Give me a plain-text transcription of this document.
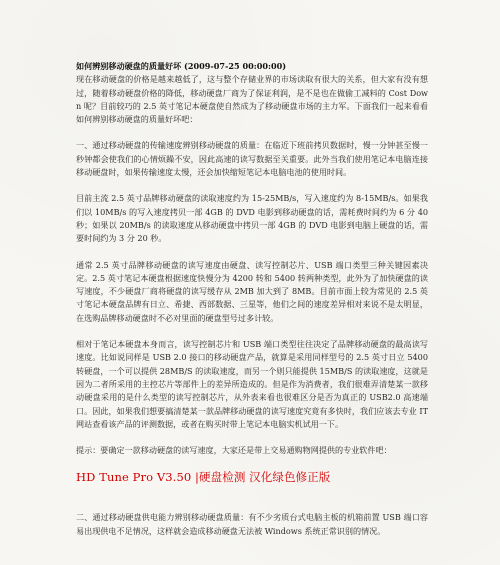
如何辨别移动硬盘的质量好坏 (2009-07-25 00:00:00)

现在移动硬盘的价格是越来越低了，这与整个存储业界的市场读取有很大的关系，但大家有没有想过，随着移动硬盘价格的降低，移动硬盘厂商为了保证利润，是不是也在做偷工减料的 Cost Down 呢？目前较巧的 2.5 英寸笔记本硬盘使自然成为了移动硬盘市场的主力军。下面我们一起来看看如何辨别移动硬盘的质量好坏吧：

一、通过移动硬盘的传输速度辨别移动硬盘的质量：在临近下班前拷贝数据时，慢一分钟甚至慢一秒钟都会使我们的心情烦躁不安，因此高速的读写数据至关重要。此外当我们使用笔记本电脑连接移动硬盘时，如果传输速度太慢，还会加快缩短笔记本电脑电池的使用时间。

目前主流 2.5 英寸品牌移动硬盘的读取速度约为 15-25MB/s，写入速度约为 8-15MB/s。如果我们以 10MB/s 的写入速度拷贝一部 4GB 的 DVD 电影到移动硬盘的话，需耗费时间约为 6 分 40 秒；如果以 20MB/s 的读取速度从移动硬盘中拷贝一部 4GB 的 DVD 电影到电脑上硬盘的话，需要时间约为 3 分 20 秒。

通常 2.5 英寸品牌移动硬盘的读写速度由硬盘、读写控制芯片、USB 端口类型三种关键因素决定。2.5 英寸笔记本硬盘根据速度快慢分为 4200 转和 5400 转两种类型，此外为了加快硬盘的读写速度，不少硬盘厂商将硬盘的读写缓存从 2MB 加大到了 8MB。目前市面上较为常见的 2.5 英寸笔记本硬盘品牌有日立、希捷、西部数据、三星等，他们之间的速度差异相对来说不是太明显，在选购品牌移动硬盘时不必对里面的硬盘型号过多计较。

相对于笔记本硬盘本身而言，读写控制芯片和 USB 端口类型往往决定了品牌移动硬盘的最高读写速度。比如说同样是 USB 2.0 接口的移动硬盘产品，就算是采用同样型号的 2.5 英寸日立 5400 转硬盘，一个可以提供 28MB/S 的读取速度，而另一个则只能提供 15MB/S 的读取速度，这就是因为二者所采用的主控芯片等部件上的差异所造成的。但是作为消费者，我们很难弄清楚某一款移动硬盘采用的是什么类型的读写控制芯片，从外表来看也很难区分是否为真正的 USB2.0 高速端口。因此，如果我们想要搞清楚某一款品牌移动硬盘的读写速度究竟有多快时，我们应该去专业 IT 网站查看该产品的评测数据，或者在购买时带上笔记本电脑实机试用一下。

提示：要确定一款移动硬盘的读写速度，大家还是带上交易通购物网提供的专业软件吧：

HD Tune Pro V3.50 |硬盘检测 汉化绿色修正版

二、通过移动硬盘供电能力辨别移动硬盘质量：有不少劣质台式电脑主板的机箱前置 USB 端口容易出现供电不足情况，这样就会造成移动硬盘无法被 Windows 系统正常识别的情况。
